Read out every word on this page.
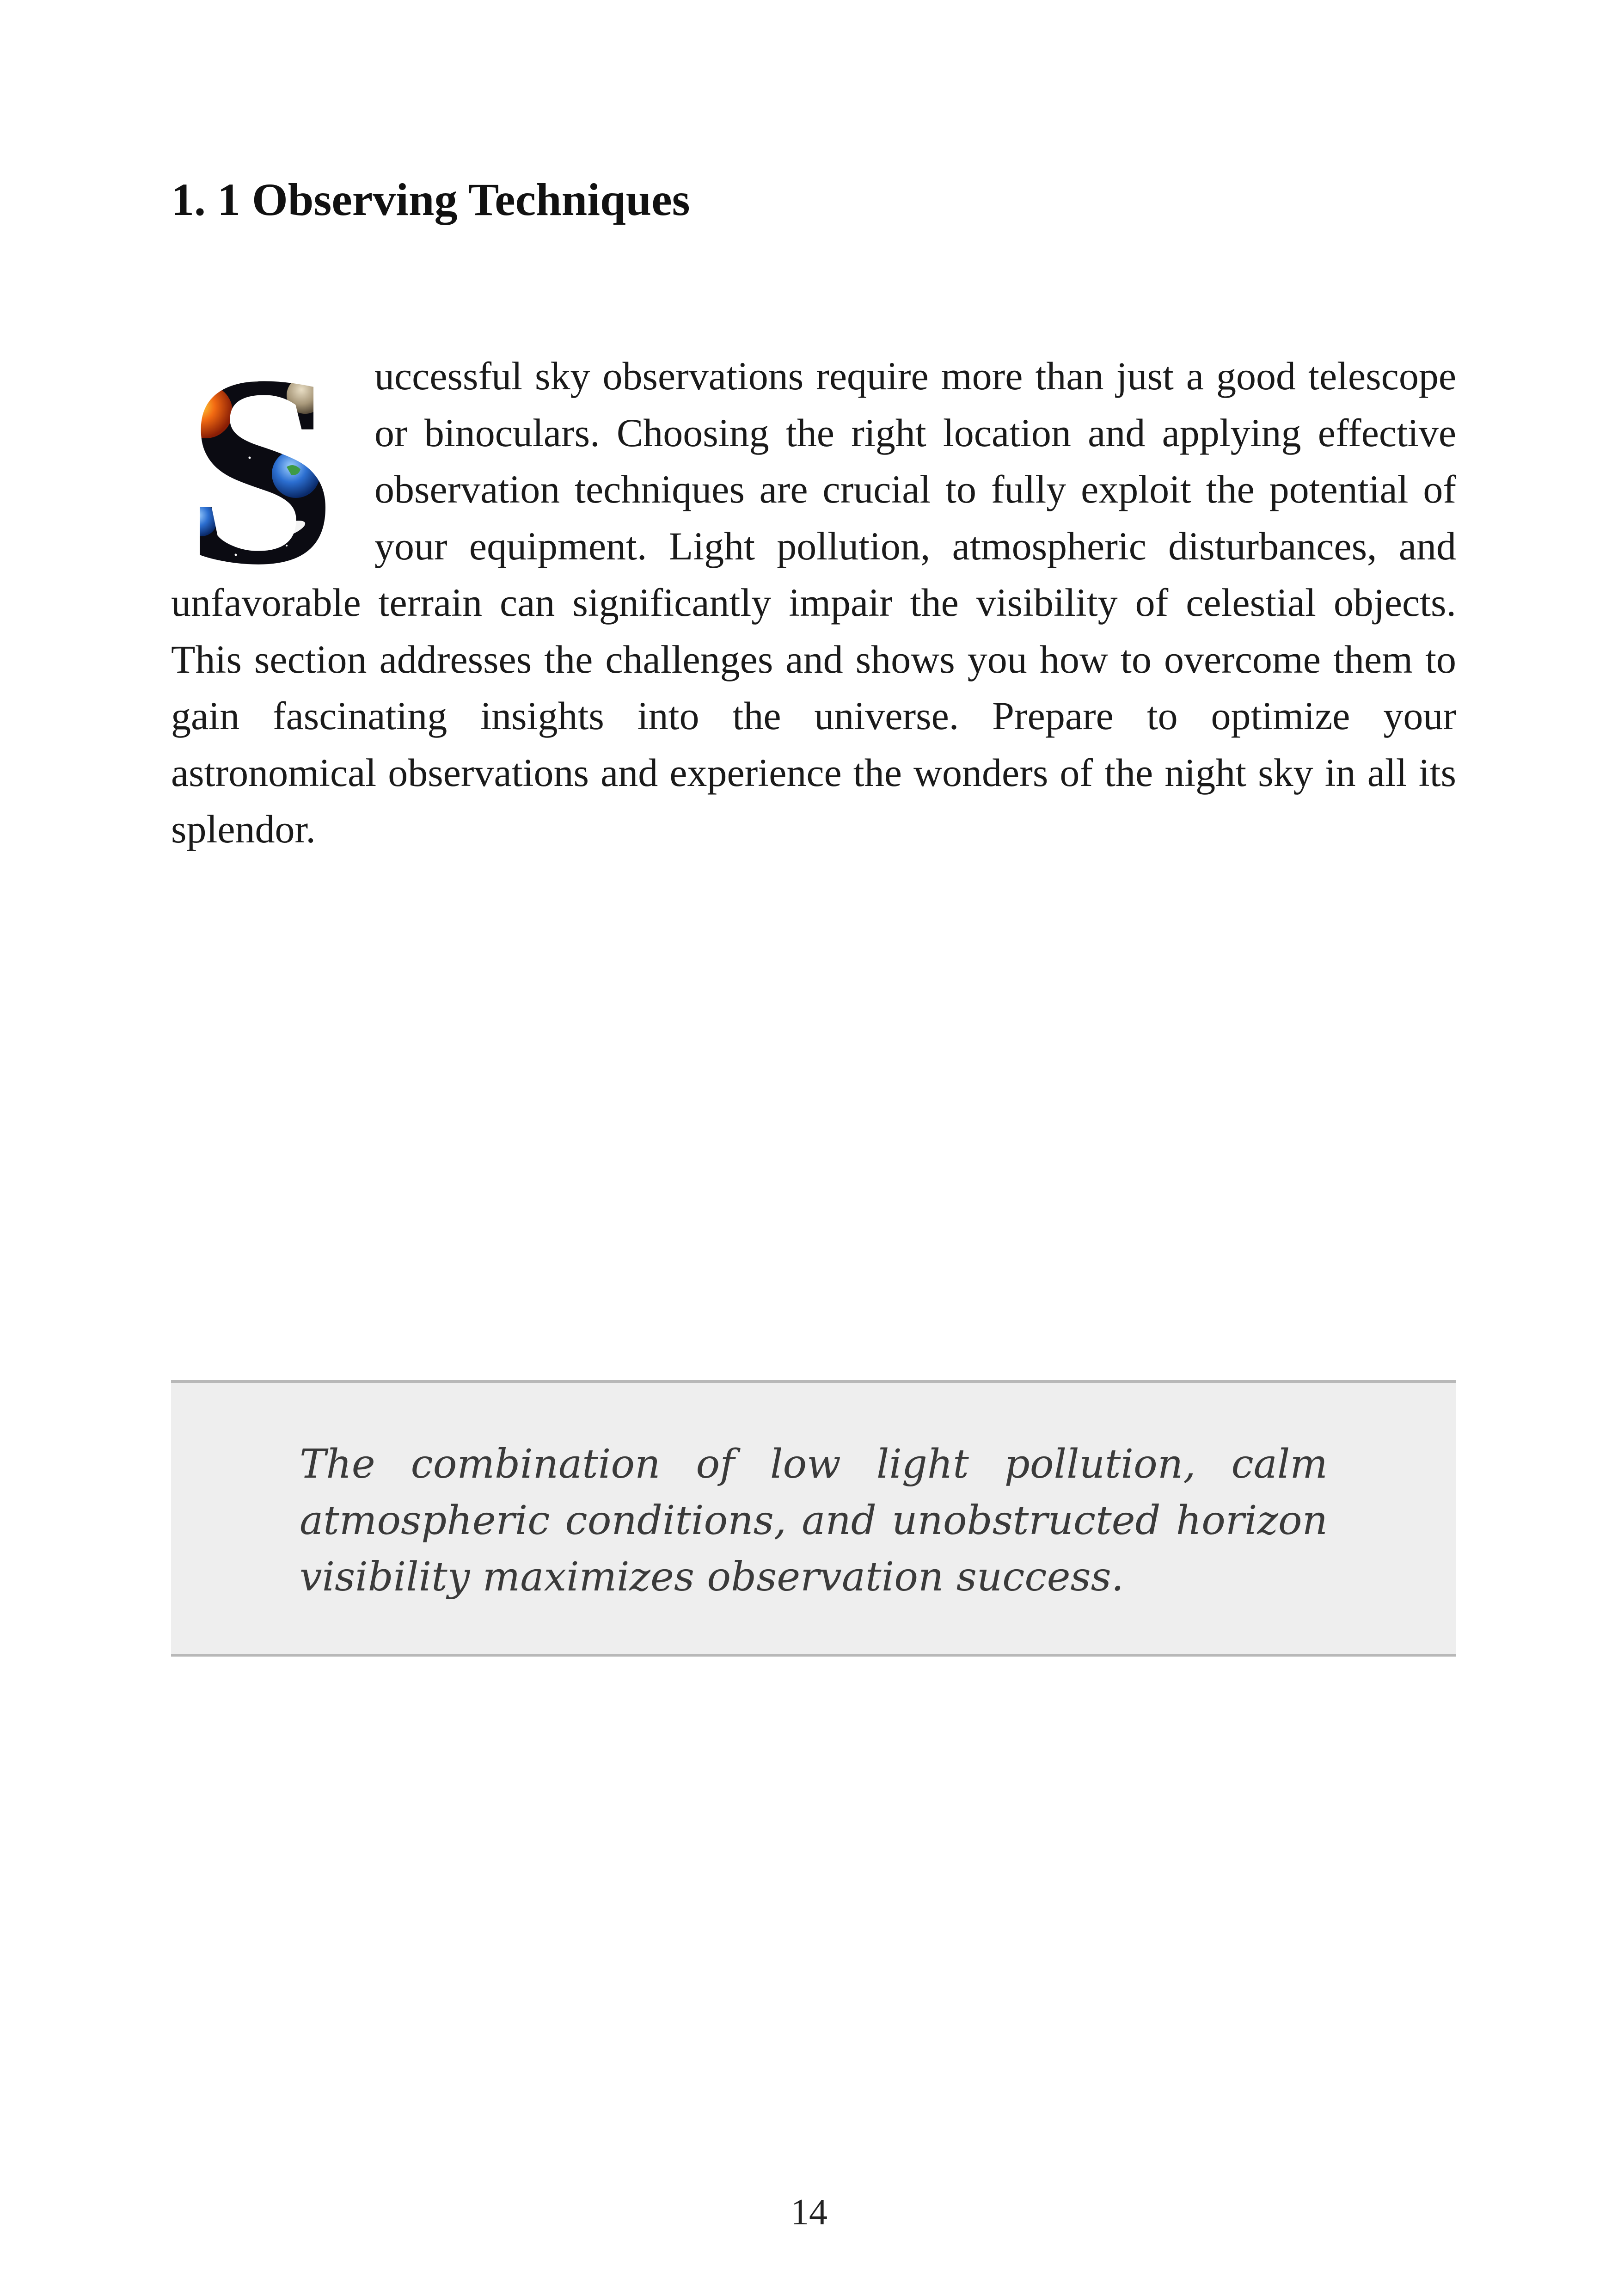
1. 1 Observing Techniques

uccessful sky observations require more than just a good telescope or binoculars. Choosing the right location and applying effective observation techniques are crucial to fully exploit the potential of your equipment. Light pollution, atmospheric disturbances, and unfavorable terrain can significantly impair the visibility of celestial objects. This section addresses the challenges and shows you how to overcome them to gain fascinating insights into the universe. Prepare to optimize your astronomical observations and experience the wonders of the night sky in all its splendor.

The combination of low light pollution, calm atmospheric conditions, and unobstructed horizon visibility maximizes observation success.

14
